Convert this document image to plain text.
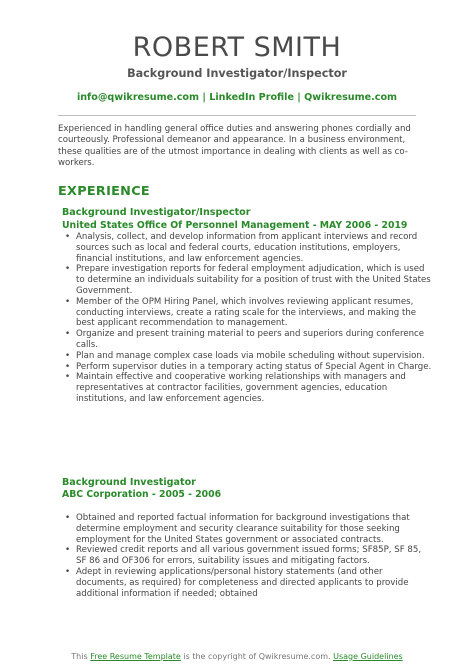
ROBERT SMITH
Background Investigator/Inspector
info@qwikresume.com | LinkedIn Profile | Qwikresume.com
Experienced in handling general office duties and answering phones cordially and courteously. Professional demeanor and appearance. In a business environment, these qualities are of the utmost importance in dealing with clients as well as co-workers.
EXPERIENCE
Background Investigator/Inspector
United States Office Of Personnel Management - MAY 2006 - 2019
• Analysis, collect, and develop information from applicant interviews and record sources such as local and federal courts, education institutions, employers, financial institutions, and law enforcement agencies.
• Prepare investigation reports for federal employment adjudication, which is used to determine an individuals suitability for a position of trust with the United States Government.
• Member of the OPM Hiring Panel, which involves reviewing applicant resumes, conducting interviews, create a rating scale for the interviews, and making the best applicant recommendation to management.
• Organize and present training material to peers and superiors during conference calls.
• Plan and manage complex case loads via mobile scheduling without supervision.
• Perform supervisor duties in a temporary acting status of Special Agent in Charge.
• Maintain effective and cooperative working relationships with managers and representatives at contractor facilities, government agencies, education institutions, and law enforcement agencies.
Background Investigator
ABC Corporation - 2005 - 2006
• Obtained and reported factual information for background investigations that determine employment and security clearance suitability for those seeking employment for the United States government or associated contracts.
• Reviewed credit reports and all various government issued forms; SF85P, SF 85, SF 86 and OF306 for errors, suitability issues and mitigating factors.
• Adept in reviewing applications/personal history statements (and other documents, as required) for completeness and directed applicants to provide additional information if needed; obtained
This Free Resume Template is the copyright of Qwikresume.com. Usage Guidelines
